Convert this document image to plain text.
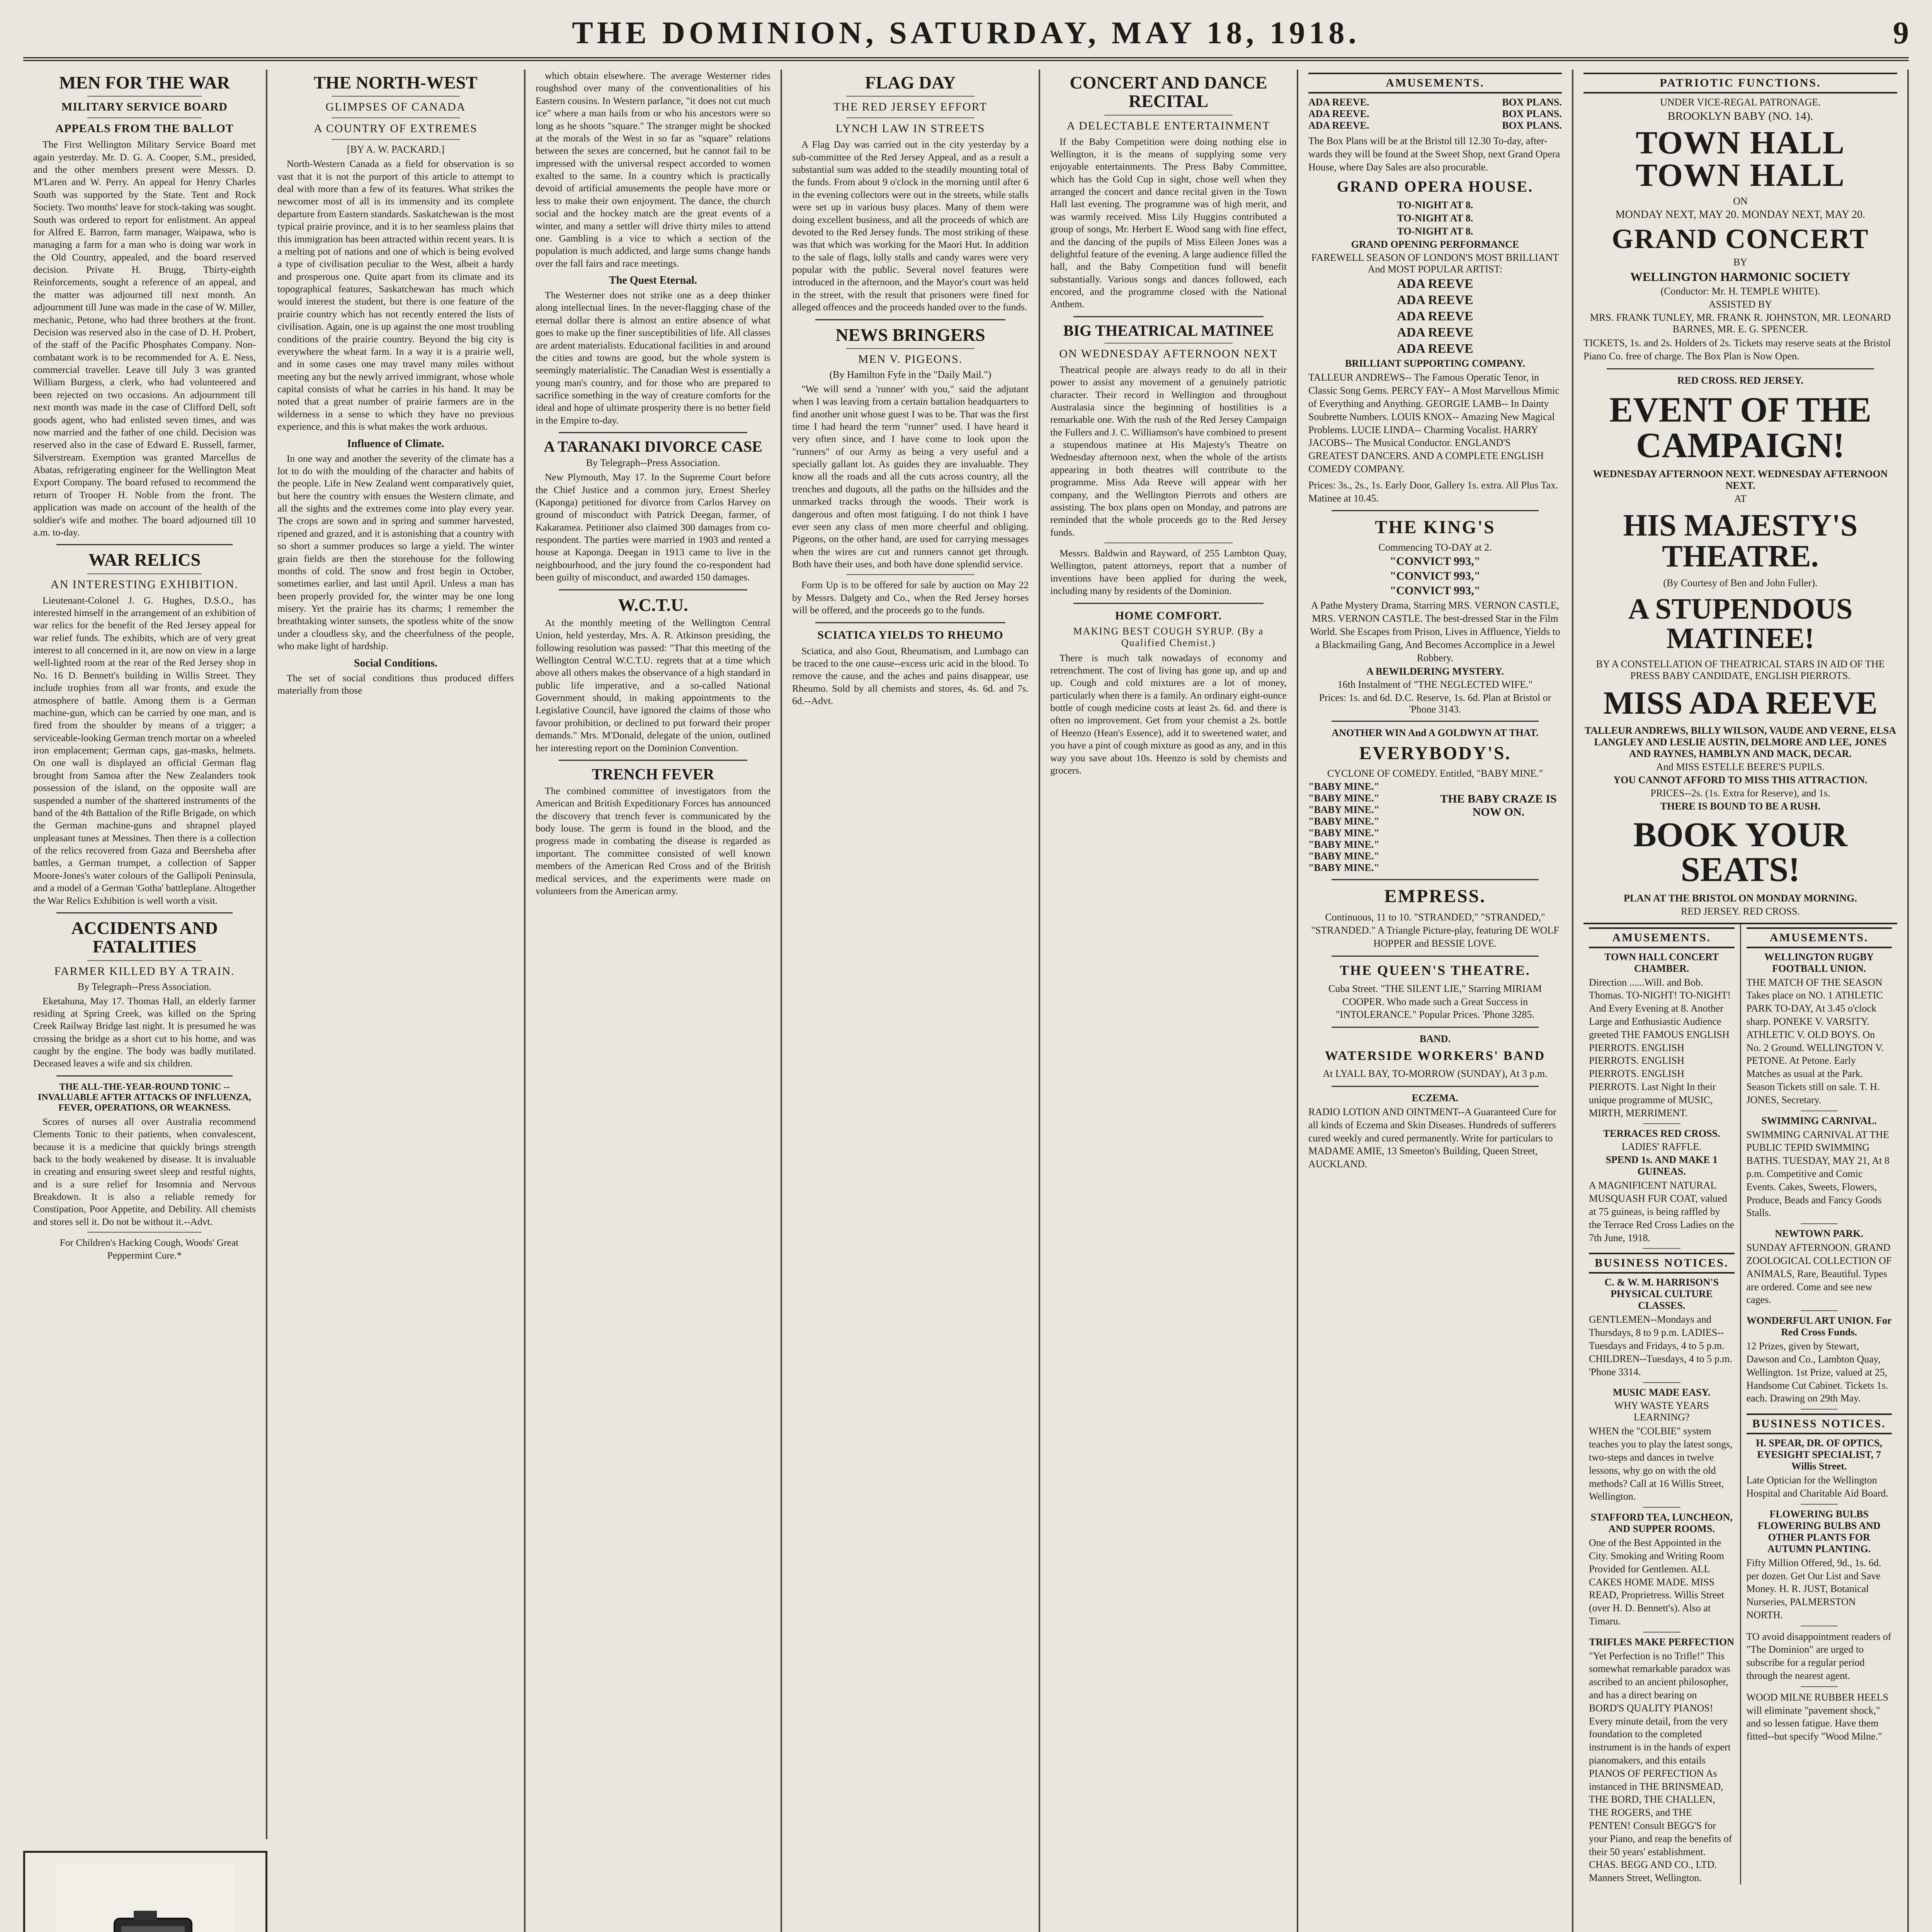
THE DOMINION, SATURDAY, MAY 18, 1918.	9
MEN FOR THE WAR
MILITARY SERVICE BOARD
APPEALS FROM THE BALLOT

The First Wellington Military Service Board met again yesterday. Mr. D. G. A. Cooper, S.M., presided, and the other members present were Messrs. D. M'Laren and W. Perry. An appeal for Henry Charles South was supported by the State. Tent and Rock Society. Two months' leave for stock-taking was sought. South was ordered to report for enlistment. An appeal for Alfred E. Barron, farm manager, Waipawa, who is managing a farm for a man who is doing war work in the Old Country, appealed, and the board reserved decision. Private H. Brugg, Thirty-eighth Reinforcements, sought a reference of an appeal, and the matter was adjourned till next month. An adjournment till June was made in the case of W. Miller, mechanic, Petone, who had three brothers at the front. Decision was reserved also in the case of D. H. Probert, of the staff of the Pacific Phosphates Company. Non-combatant work is to be recommended for A. E. Ness, commercial traveller. Leave till July 3 was granted William Burgess, a clerk, who had volunteered and been rejected on two occasions. An adjournment till next month was made in the case of Clifford Dell, soft goods agent, who had enlisted seven times, and was now married and the father of one child. Decision was reserved also in the case of Edward E. Russell, farmer, Silverstream. Exemption was granted Marcellus de Abatas, refrigerating engineer for the Wellington Meat Export Company. The board refused to recommend the return of Trooper H. Noble from the front. The application was made on account of the health of the soldier's wife and mother. The board adjourned till 10 a.m. to-day.

WAR RELICS
AN INTERESTING EXHIBITION.

Lieutenant-Colonel J. G. Hughes, D.S.O., has interested himself in the arrangement of an exhibition of war relics for the benefit of the Red Jersey appeal for war relief funds. The exhibits, which are of very great interest to all concerned in it, are now on view in a large well-lighted room at the rear of the Red Jersey shop in No. 16 D. Bennett's building in Willis Street. They include trophies from all war fronts, and exude the atmosphere of battle. Among them is a German machine-gun, which can be carried by one man, and is fired from the shoulder by means of a trigger; a serviceable-looking German trench mortar on a wheeled iron emplacement; German caps, gas-masks, helmets. On one wall is displayed an official German flag brought from Samoa after the New Zealanders took possession of the island, on the opposite wall are suspended a number of the shattered instruments of the band of the 4th Battalion of the Rifle Brigade, on which the German machine-guns and shrapnel played unpleasant tunes at Messines. Then there is a collection of the relics recovered from Gaza and Beersheba after battles, a German trumpet, a collection of Sapper Moore-Jones's water colours of the Gallipoli Peninsula, and a model of a German 'Gotha' battleplane. Altogether the War Relics Exhibition is well worth a visit.

ACCIDENTS AND FATALITIES
FARMER KILLED BY A TRAIN.
By Telegraph--Press Association.

Eketahuna, May 17. Thomas Hall, an elderly farmer residing at Spring Creek, was killed on the Spring Creek Railway Bridge last night. It is presumed he was crossing the bridge as a short cut to his home, and was caught by the engine. The body was badly mutilated. Deceased leaves a wife and six children.

THE ALL-THE-YEAR-ROUND TONIC --INVALUABLE AFTER ATTACKS OF INFLUENZA, FEVER, OPERATIONS, OR WEAKNESS.

Scores of nurses all over Australia recommend Clements Tonic to their patients, when convalescent, because it is a medicine that quickly brings strength back to the body weakened by disease. It is invaluable in creating and ensuring sweet sleep and restful nights, and is a sure relief for Insomnia and Nervous Breakdown. It is also a reliable remedy for Constipation, Poor Appetite, and Debility. All chemists and stores sell it. Do not be without it.--Advt.

For Children's Hacking Cough, Woods' Great Peppermint Cure.*

THE NORTH-WEST
GLIMPSES OF CANADA
A COUNTRY OF EXTREMES
[BY A. W. PACKARD.]

North-Western Canada as a field for observation is so vast that it is not the purport of this article to attempt to deal with more than a few of its features. What strikes the newcomer most of all is its immensity and its complete departure from Eastern standards. Saskatchewan is the most typical prairie province, and it is to her seamless plains that this immigration has been attracted within recent years. It is a melting pot of nations and one of which is being evolved a type of civilisation peculiar to the West, albeit a hardy and prosperous one. Quite apart from its climate and its topographical features, Saskatchewan has much which would interest the student, but there is one feature of the prairie country which has not recently entered the lists of civilisation. Again, one is up against the one most troubling conditions of the prairie country. Beyond the big city is everywhere the wheat farm. In a way it is a prairie well, and in some cases one may travel many miles without meeting any but the newly arrived immigrant, whose whole capital consists of what he carries in his hand. It may be noted that a great number of prairie farmers are in the wilderness in a sense to which they have no previous experience, and this is what makes the work arduous.

Influence of Climate.

In one way and another the severity of the climate has a lot to do with the moulding of the character and habits of the people. Life in New Zealand went comparatively quiet, but here the country with ensues the Western climate, and all the sights and the extremes come into play every year. The crops are sown and in spring and summer harvested, ripened and grazed, and it is astonishing that a country with so short a summer produces so large a yield. The winter grain fields are then the storehouse for the following months of cold. The snow and frost begin in October, sometimes earlier, and last until April. Unless a man has been properly provided for, the winter may be one long misery. Yet the prairie has its charms; I remember the breathtaking winter sunsets, the spotless white of the snow under a cloudless sky, and the cheerfulness of the people, who make light of hardship.

Social Conditions.

The set of social conditions thus produced differs materially from those

which obtain elsewhere. The average Westerner rides roughshod over many of the conventionalities of his Eastern cousins. In Western parlance, "it does not cut much ice" where a man hails from or who his ancestors were so long as he shoots "square." The stranger might be shocked at the morals of the West in so far as "square" relations between the sexes are concerned, but he cannot fail to be impressed with the universal respect accorded to women exalted to the same. In a country which is practically devoid of artificial amusements the people have more or less to make their own enjoyment. The dance, the church social and the hockey match are the great events of a winter, and many a settler will drive thirty miles to attend one. Gambling is a vice to which a section of the population is much addicted, and large sums change hands over the fall fairs and race meetings.

The Quest Eternal.

The Westerner does not strike one as a deep thinker along intellectual lines. In the never-flagging chase of the eternal dollar there is almost an entire absence of what goes to make up the finer susceptibilities of life. All classes are ardent materialists. Educational facilities in and around the cities and towns are good, but the whole system is seemingly materialistic. The Canadian West is essentially a young man's country, and for those who are prepared to sacrifice something in the way of creature comforts for the ideal and hope of ultimate prosperity there is no better field in the Empire to-day.

A TARANAKI DIVORCE CASE
By Telegraph--Press Association.

New Plymouth, May 17. In the Supreme Court before the Chief Justice and a common jury, Ernest Sherley (Kaponga) petitioned for divorce from Carlos Harvey on ground of misconduct with Patrick Deegan, farmer, of Kakaramea. Petitioner also claimed 300 damages from co-respondent. The parties were married in 1903 and rented a house at Kaponga. Deegan in 1913 came to live in the neighbourhood, and the jury found the co-respondent had been guilty of misconduct, and awarded 150 damages.

W.C.T.U.

At the monthly meeting of the Wellington Central Union, held yesterday, Mrs. A. R. Atkinson presiding, the following resolution was passed: "That this meeting of the Wellington Central W.C.T.U. regrets that at a time which above all others makes the observance of a high standard in public life imperative, and a so-called National Government should, in making appointments to the Legislative Council, have ignored the claims of those who favour prohibition, or declined to put forward their proper demands." Mrs. M'Donald, delegate of the union, outlined her interesting report on the Dominion Convention.

TRENCH FEVER

The combined committee of investigators from the American and British Expeditionary Forces has announced the discovery that trench fever is communicated by the body louse. The germ is found in the blood, and the progress made in combating the disease is regarded as important. The committee consisted of well known members of the American Red Cross and of the British medical services, and the experiments were made on volunteers from the American army.

FLAG DAY
THE RED JERSEY EFFORT
LYNCH LAW IN STREETS

A Flag Day was carried out in the city yesterday by a sub-committee of the Red Jersey Appeal, and as a result a substantial sum was added to the steadily mounting total of the funds. From about 9 o'clock in the morning until after 6 in the evening collectors were out in the streets, while stalls were set up in various busy places. Many of them were doing excellent business, and all the proceeds of which are devoted to the Red Jersey funds. The most striking of these was that which was working for the Maori Hut. In addition to the sale of flags, lolly stalls and candy wares were very popular with the public. Several novel features were introduced in the afternoon, and the Mayor's court was held in the street, with the result that prisoners were fined for alleged offences and the proceeds handed over to the funds.

NEWS BRINGERS
MEN V. PIGEONS.
(By Hamilton Fyfe in the "Daily Mail.")

"We will send a 'runner' with you," said the adjutant when I was leaving from a certain battalion headquarters to find another unit whose guest I was to be. That was the first time I had heard the term "runner" used. I have heard it very often since, and I have come to look upon the "runners" of our Army as being a very useful and a specially gallant lot. As guides they are invaluable. They know all the roads and all the cuts across country, all the trenches and dugouts, all the paths on the hillsides and the unmarked tracks through the woods. Their work is dangerous and often most fatiguing. I do not think I have ever seen any class of men more cheerful and obliging. Pigeons, on the other hand, are used for carrying messages when the wires are cut and runners cannot get through. Both have their uses, and both have done splendid service.

Form Up is to be offered for sale by auction on May 22 by Messrs. Dalgety and Co., when the Red Jersey horses will be offered, and the proceeds go to the funds.

SCIATICA YIELDS TO RHEUMO

Sciatica, and also Gout, Rheumatism, and Lumbago can be traced to the one cause--excess uric acid in the blood. To remove the cause, and the aches and pains disappear, use Rheumo. Sold by all chemists and stores, 4s. 6d. and 7s. 6d.--Advt.

CONCERT AND DANCE RECITAL
A DELECTABLE ENTERTAINMENT

If the Baby Competition were doing nothing else in Wellington, it is the means of supplying some very enjoyable entertainments. The Press Baby Committee, which has the Gold Cup in sight, chose well when they arranged the concert and dance recital given in the Town Hall last evening. The programme was of high merit, and was warmly received. Miss Lily Huggins contributed a group of songs, Mr. Herbert E. Wood sang with fine effect, and the dancing of the pupils of Miss Eileen Jones was a delightful feature of the evening. A large audience filled the hall, and the Baby Competition fund will benefit substantially. Various songs and dances followed, each encored, and the programme closed with the National Anthem.

BIG THEATRICAL MATINEE
ON WEDNESDAY AFTERNOON NEXT

Theatrical people are always ready to do all in their power to assist any movement of a genuinely patriotic character. Their record in Wellington and throughout Australasia since the beginning of hostilities is a remarkable one. With the rush of the Red Jersey Campaign the Fullers and J. C. Williamson's have combined to present a stupendous matinee at His Majesty's Theatre on Wednesday afternoon next, when the whole of the artists appearing in both theatres will contribute to the programme. Miss Ada Reeve will appear with her company, and the Wellington Pierrots and others are assisting. The box plans open on Monday, and patrons are reminded that the whole proceeds go to the Red Jersey funds.

Messrs. Baldwin and Rayward, of 255 Lambton Quay, Wellington, patent attorneys, report that a number of inventions have been applied for during the week, including many by residents of the Dominion.

HOME COMFORT.
MAKING BEST COUGH SYRUP. (By a Qualified Chemist.)

There is much talk nowadays of economy and retrenchment. The cost of living has gone up, and up and up. Cough and cold mixtures are a lot of money, particularly when there is a family. An ordinary eight-ounce bottle of cough medicine costs at least 2s. 6d. and there is often no improvement. Get from your chemist a 2s. bottle of Heenzo (Hean's Essence), add it to sweetened water, and you have a pint of cough mixture as good as any, and in this way you save about 10s. Heenzo is sold by chemists and grocers.

AMUSEMENTS.
ADA REEVE.
ADA REEVE.
ADA REEVE.
BOX PLANS.
BOX PLANS.
BOX PLANS.

The Box Plans will be at the Bristol till 12.30 To-day, after-wards they will be found at the Sweet Shop, next Grand Opera House, where Day Sales are also procurable.

GRAND OPERA HOUSE.
TO-NIGHT AT 8.
TO-NIGHT AT 8.
TO-NIGHT AT 8.
GRAND OPENING PERFORMANCE
FAREWELL SEASON OF LONDON'S MOST BRILLIANT And MOST POPULAR ARTIST:
ADA REEVE
ADA REEVE
ADA REEVE
ADA REEVE
ADA REEVE
BRILLIANT SUPPORTING COMPANY.

TALLEUR ANDREWS-- The Famous Operatic Tenor, in Classic Song Gems. PERCY FAY-- A Most Marvellous Mimic of Everything and Anything. GEORGIE LAMB-- In Dainty Soubrette Numbers. LOUIS KNOX-- Amazing New Magical Problems. LUCIE LINDA-- Charming Vocalist. HARRY JACOBS-- The Musical Conductor. ENGLAND'S GREATEST DANCERS. AND A COMPLETE ENGLISH COMEDY COMPANY.

Prices: 3s., 2s., 1s. Early Door, Gallery 1s. extra. All Plus Tax. Matinee at 10.45.

THE KING'S
Commencing TO-DAY at 2.
"CONVICT 993,"
"CONVICT 993,"
"CONVICT 993,"

A Pathe Mystery Drama, Starring MRS. VERNON CASTLE, MRS. VERNON CASTLE. The best-dressed Star in the Film World. She Escapes from Prison, Lives in Affluence, Yields to a Blackmailing Gang, And Becomes Accomplice in a Jewel Robbery.

A BEWILDERING MYSTERY.
16th Instalment of "THE NEGLECTED WIFE."
Prices: 1s. and 6d. D.C. Reserve, 1s. 6d. Plan at Bristol or 'Phone 3143.
ANOTHER WIN And A GOLDWYN AT THAT.
EVERYBODY'S.
CYCLONE OF COMEDY. Entitled, "BABY MINE."
"BABY MINE."
"BABY MINE."
"BABY MINE."
"BABY MINE."
"BABY MINE."
"BABY MINE."
"BABY MINE."
"BABY MINE."
THE BABY CRAZE IS NOW ON.
EMPRESS.

Continuous, 11 to 10. "STRANDED," "STRANDED," "STRANDED." A Triangle Picture-play, featuring DE WOLF HOPPER and BESSIE LOVE.

THE QUEEN'S THEATRE.

Cuba Street. "THE SILENT LIE," Starring MIRIAM COOPER. Who made such a Great Success in "INTOLERANCE." Popular Prices. 'Phone 3285.

BAND.
WATERSIDE WORKERS' BAND

At LYALL BAY, TO-MORROW (SUNDAY), At 3 p.m.

ECZEMA.

RADIO LOTION AND OINTMENT--A Guaranteed Cure for all kinds of Eczema and Skin Diseases. Hundreds of sufferers cured weekly and cured permanently. Write for particulars to MADAME AMIE, 13 Smeeton's Building, Queen Street, AUCKLAND.

PATRIOTIC FUNCTIONS.
UNDER VICE-REGAL PATRONAGE.
BROOKLYN BABY (NO. 14).
TOWN HALL TOWN HALL
ON
MONDAY NEXT, MAY 20. MONDAY NEXT, MAY 20.
GRAND CONCERT
BY
WELLINGTON HARMONIC SOCIETY
(Conductor: Mr. H. TEMPLE WHITE).
ASSISTED BY
MRS. FRANK TUNLEY, MR. FRANK R. JOHNSTON, MR. LEONARD BARNES, MR. E. G. SPENCER.

TICKETS, 1s. and 2s. Holders of 2s. Tickets may reserve seats at the Bristol Piano Co. free of charge. The Box Plan is Now Open.

RED CROSS. RED JERSEY.
EVENT OF THE CAMPAIGN!
WEDNESDAY AFTERNOON NEXT. WEDNESDAY AFTERNOON NEXT.
AT
HIS MAJESTY'S THEATRE.
(By Courtesy of Ben and John Fuller).
A STUPENDOUS MATINEE!
BY A CONSTELLATION OF THEATRICAL STARS IN AID OF THE PRESS BABY CANDIDATE, ENGLISH PIERROTS.
MISS ADA REEVE
TALLEUR ANDREWS, BILLY WILSON, VAUDE AND VERNE, ELSA LANGLEY AND LESLIE AUSTIN, DELMORE AND LEE, JONES AND RAYNES, HAMBLYN AND MACK, DECAR.
And MISS ESTELLE BEERE'S PUPILS.
YOU CANNOT AFFORD TO MISS THIS ATTRACTION.
PRICES--2s. (1s. Extra for Reserve), and 1s.
THERE IS BOUND TO BE A RUSH.
BOOK YOUR SEATS!
PLAN AT THE BRISTOL ON MONDAY MORNING.
RED JERSEY. RED CROSS.
AMUSEMENTS.
TOWN HALL CONCERT CHAMBER.

Direction ......Will. and Bob. Thomas. TO-NIGHT! TO-NIGHT! And Every Evening at 8. Another Large and Enthusiastic Audience greeted THE FAMOUS ENGLISH PIERROTS. ENGLISH PIERROTS. ENGLISH PIERROTS. ENGLISH PIERROTS. Last Night In their unique programme of MUSIC, MIRTH, MERRIMENT.

TERRACES RED CROSS.
LADIES' RAFFLE.
SPEND 1s. AND MAKE 1 GUINEAS.

A MAGNIFICENT NATURAL MUSQUASH FUR COAT, valued at 75 guineas, is being raffled by the Terrace Red Cross Ladies on the 7th June, 1918.

BUSINESS NOTICES.
C. & W. M. HARRISON'S PHYSICAL CULTURE CLASSES.

GENTLEMEN--Mondays and Thursdays, 8 to 9 p.m. LADIES--Tuesdays and Fridays, 4 to 5 p.m. CHILDREN--Tuesdays, 4 to 5 p.m. 'Phone 3314.

MUSIC MADE EASY.
WHY WASTE YEARS LEARNING?

WHEN the "COLBIE" system teaches you to play the latest songs, two-steps and dances in twelve lessons, why go on with the old methods? Call at 16 Willis Street, Wellington.

STAFFORD TEA, LUNCHEON, AND SUPPER ROOMS.

One of the Best Appointed in the City. Smoking and Writing Room Provided for Gentlemen. ALL CAKES HOME MADE. MISS READ, Proprietress. Willis Street (over H. D. Bennett's). Also at Timaru.

TRIFLES MAKE PERFECTION

"Yet Perfection is no Trifle!" This somewhat remarkable paradox was ascribed to an ancient philosopher, and has a direct bearing on BORD'S QUALITY PIANOS! Every minute detail, from the very foundation to the completed instrument is in the hands of expert pianomakers, and this entails PIANOS OF PERFECTION As instanced in THE BRINSMEAD, THE BORD, THE CHALLEN, THE ROGERS, and THE PENTEN! Consult BEGG'S for your Piano, and reap the benefits of their 50 years' establishment. CHAS. BEGG AND CO., LTD. Manners Street, Wellington.

AMUSEMENTS.
WELLINGTON RUGBY FOOTBALL UNION.

THE MATCH OF THE SEASON Takes place on NO. 1 ATHLETIC PARK TO-DAY, At 3.45 o'clock sharp. PONEKE V. VARSITY. ATHLETIC V. OLD BOYS. On No. 2 Ground. WELLINGTON V. PETONE. At Petone. Early Matches as usual at the Park. Season Tickets still on sale. T. H. JONES, Secretary.

SWIMMING CARNIVAL.

SWIMMING CARNIVAL AT THE PUBLIC TEPID SWIMMING BATHS. TUESDAY, MAY 21, At 8 p.m. Competitive and Comic Events. Cakes, Sweets, Flowers, Produce, Beads and Fancy Goods Stalls.

NEWTOWN PARK.

SUNDAY AFTERNOON. GRAND ZOOLOGICAL COLLECTION OF ANIMALS, Rare, Beautiful. Types are ordered. Come and see new cages.

WONDERFUL ART UNION. For Red Cross Funds.

12 Prizes, given by Stewart, Dawson and Co., Lambton Quay, Wellington. 1st Prize, valued at 25, Handsome Cut Cabinet. Tickets 1s. each. Drawing on 29th May.

BUSINESS NOTICES.
H. SPEAR, DR. OF OPTICS, EYESIGHT SPECIALIST, 7 Willis Street.

Late Optician for the Wellington Hospital and Charitable Aid Board.

FLOWERING BULBS FLOWERING BULBS AND OTHER PLANTS FOR AUTUMN PLANTING.

Fifty Million Offered, 9d., 1s. 6d. per dozen. Get Our List and Save Money. H. R. JUST, Botanical Nurseries, PALMERSTON NORTH.

TO avoid disappointment readers of "The Dominion" are urged to subscribe for a regular period through the nearest agent.

WOOD MILNE RUBBER HEELS will eliminate "pavement shock," and so lessen fatigue. Have them fitted--but specify "Wood Milne."
